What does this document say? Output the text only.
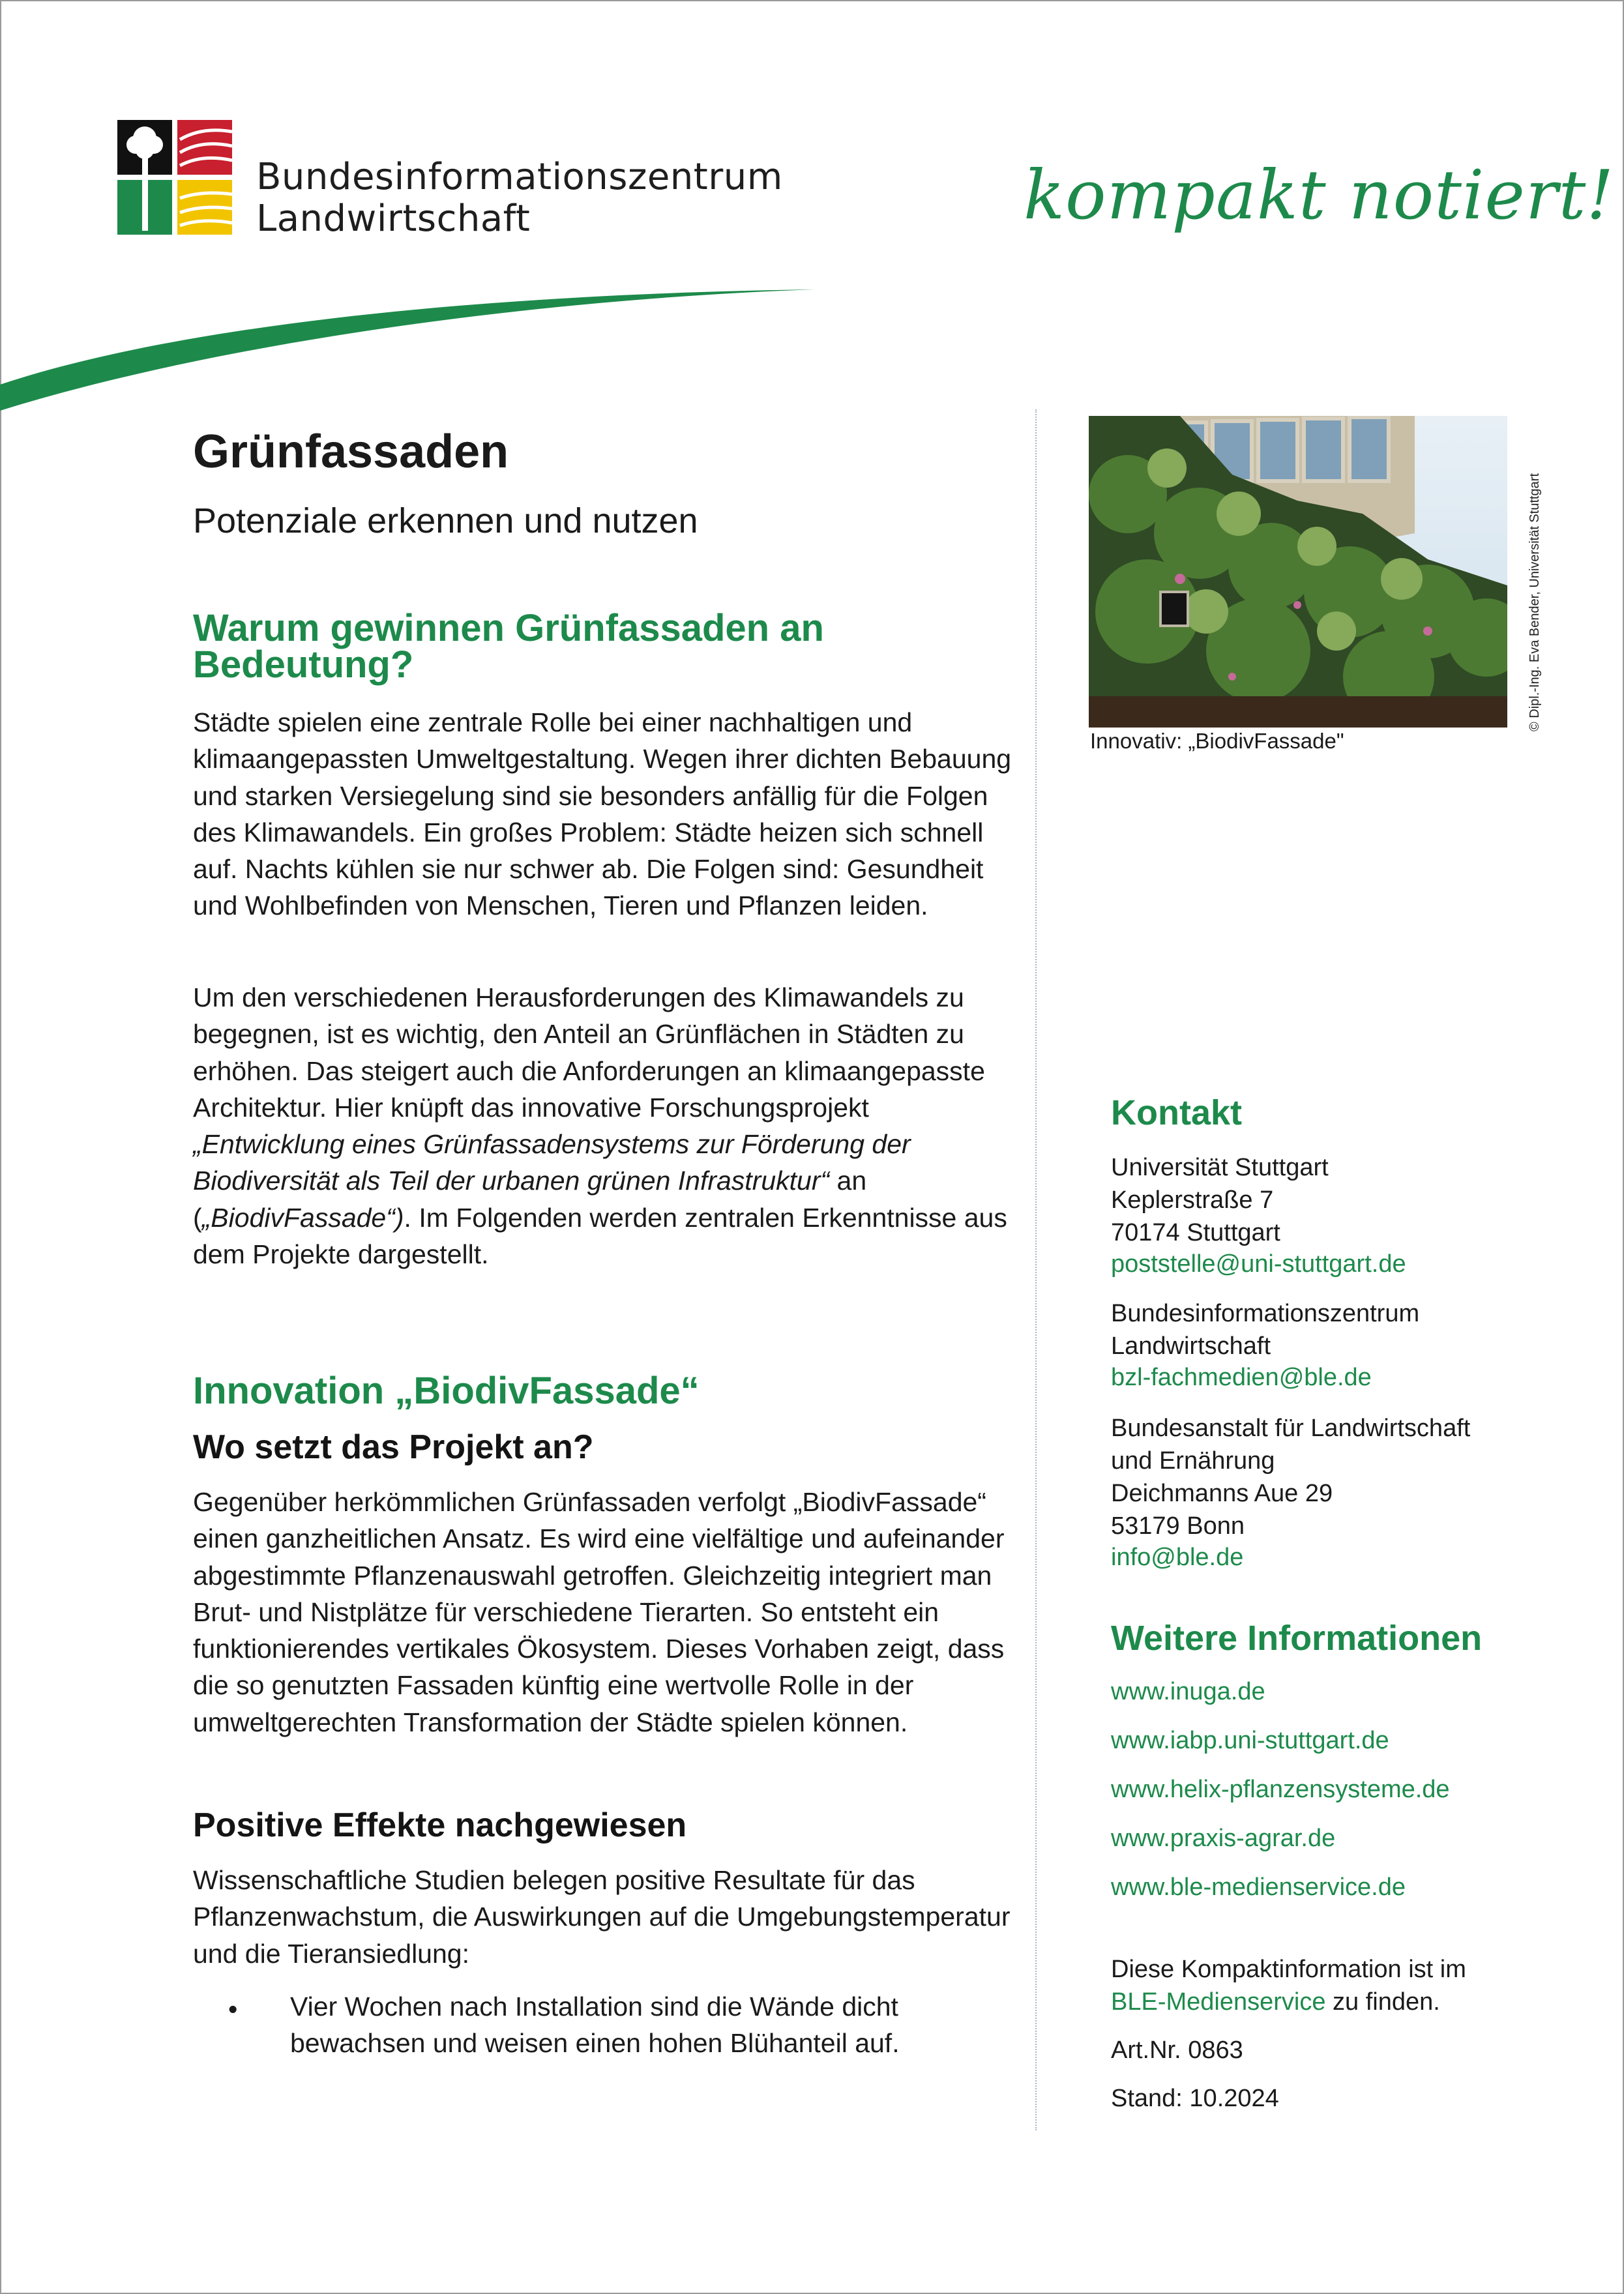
Bundesinformationszentrum
Landwirtschaft	kompakt notiert!
Grünfassaden
Potenziale erkennen und nutzen
Warum gewinnen Grünfassaden an
Bedeutung?

Städte spielen eine zentrale Rolle bei einer nachhaltigen und klimaangepassten Umweltgestaltung. Wegen ihrer dichten Bebauung und starken Versiegelung sind sie besonders anfällig für die Folgen des Klimawandels. Ein großes Problem: Städte heizen sich schnell auf. Nachts kühlen sie nur schwer ab. Die Folgen sind: Gesundheit und Wohlbefinden von Menschen, Tieren und Pflanzen leiden.

Um den verschiedenen Herausforderungen des Klimawandels zu begegnen, ist es wichtig, den Anteil an Grünflächen in Städten zu erhöhen. Das steigert auch die Anforderungen an klimaangepasste Architektur. Hier knüpft das innovative Forschungsprojekt „Entwicklung eines Grünfassadensystems zur Förderung der Biodiversität als Teil der urbanen grünen Infrastruktur“ an („BiodivFassade“). Im Folgenden werden zentralen Erkenntnisse aus dem Projekte dargestellt.

Innovation „BiodivFassade“
Wo setzt das Projekt an?

Gegenüber herkömmlichen Grünfassaden verfolgt „BiodivFassade“ einen ganzheitlichen Ansatz. Es wird eine vielfältige und aufeinander abgestimmte Pflanzenauswahl getroffen. Gleichzeitig integriert man Brut- und Nistplätze für verschiedene Tierarten. So entsteht ein funktionierendes vertikales Ökosystem. Dieses Vorhaben zeigt, dass die so genutzten Fassaden künftig eine wertvolle Rolle in der umweltgerechten Transformation der Städte spielen können.

Positive Effekte nachgewiesen

Wissenschaftliche Studien belegen positive Resultate für das Pflanzenwachstum, die Auswirkungen auf die Umgebungstemperatur und die Tieransiedlung:

• Vier Wochen nach Installation sind die Wände dicht bewachsen und weisen einen hohen Blühanteil auf.
Innovativ: „BiodivFassade"
© Dipl.-Ing. Eva Bender, Universität Stuttgart
Kontakt
Universität Stuttgart
Keplerstraße 7
70174 Stuttgart
poststelle@uni-stuttgart.de
Bundesinformationszentrum
Landwirtschaft
bzl-fachmedien@ble.de
Bundesanstalt für Landwirtschaft
und Ernährung
Deichmanns Aue 29
53179 Bonn
info@ble.de
Weitere Informationen
www.inuga.de
www.iabp.uni-stuttgart.de
www.helix-pflanzensysteme.de
www.praxis-agrar.de
www.ble-medienservice.de
Diese Kompaktinformation ist im
BLE-Medienservice zu finden.
Art.Nr. 0863
Stand: 10.2024
